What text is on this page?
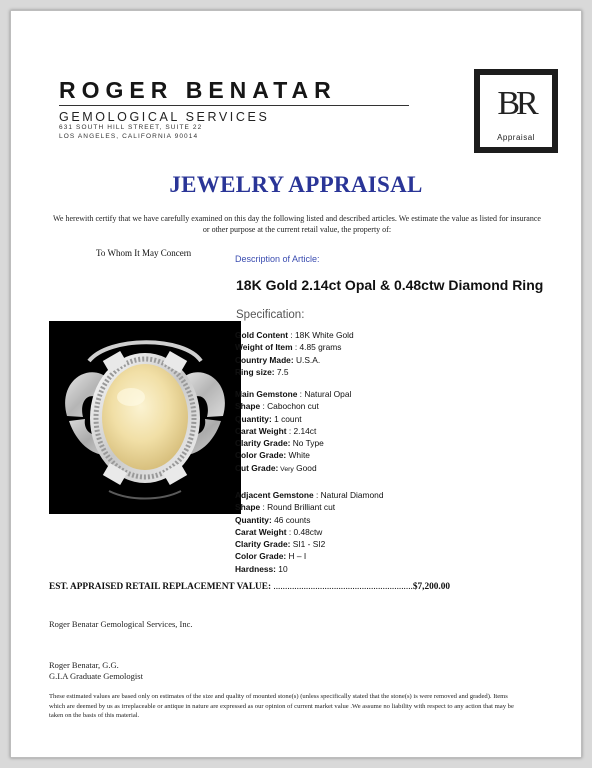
ROGER BENATAR
GEMOLOGICAL SERVICES
631 SOUTH HILL STREET, SUITE 22
LOS ANGELES, CALIFORNIA 90014
BR
Appraisal
JEWELRY APPRAISAL
We herewith certify that we have carefully examined on this day the following listed and described articles. We estimate the value as listed for insurance or other purpose at the current retail value, the property of:
To Whom It May Concern
Description of Article:
18K Gold 2.14ct Opal & 0.48ctw Diamond Ring
Specification:
Gold Content : 18K White Gold
Weight of Item : 4.85 grams
Country Made: U.S.A.
Ring size: 7.5
Main Gemstone : Natural Opal
Shape : Cabochon cut
Quantity: 1 count
Carat Weight : 2.14ct
Clarity Grade: No Type
Color Grade: White
Cut Grade: Very Good
Adjacent Gemstone : Natural Diamond
Shape : Round Brilliant cut
Quantity: 46 counts
Carat Weight : 0.48ctw
Clarity Grade: SI1 - SI2
Color Grade: H – I
Hardness: 10
EST. APPRAISED RETAIL REPLACEMENT VALUE: ............................................................$7,200.00
Roger Benatar Gemological Services, Inc.
Roger Benatar, G.G.
G.I.A Graduate Gemologist
These estimated values are based only on estimates of the size and quality of mounted stone(s) (unless specifically stated that the stone(s) is were removed and graded). Items which are deemed by us as irreplaceable or antique in nature are expressed as our opinion of current market value .We assume no liability with respect to any action that may be taken on the basis of this material.
